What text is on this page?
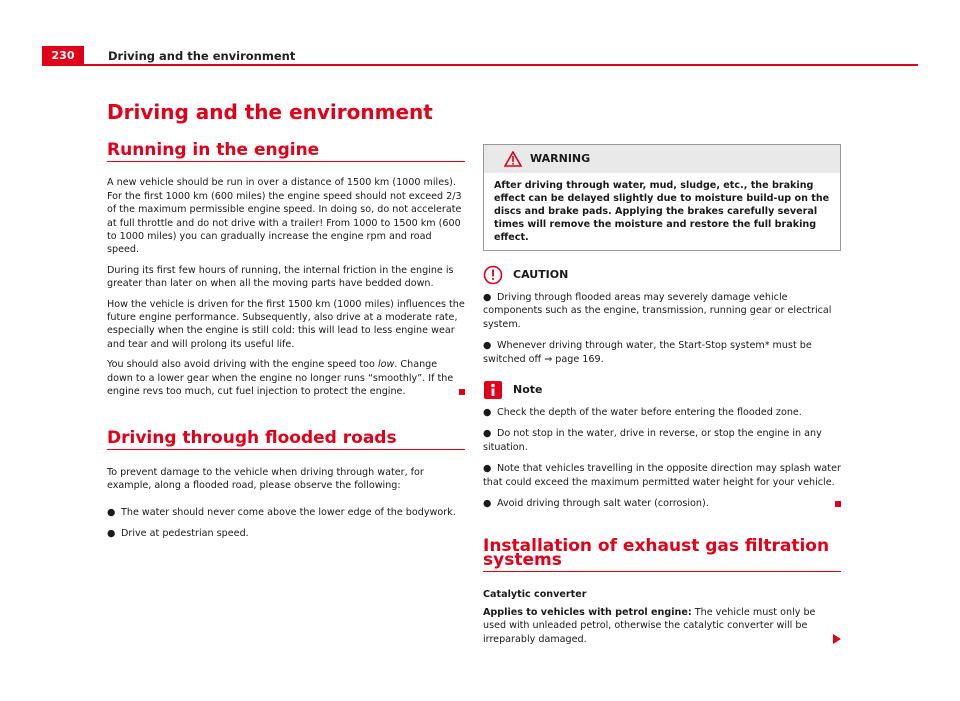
230	Driving and the environment
Driving and the environment
Running in the engine

A new vehicle should be run in over a distance of 1500 km (1000 miles). For the first 1000 km (600 miles) the engine speed should not exceed 2/3 of the maximum permissible engine speed. In doing so, do not accelerate at full throttle and do not drive with a trailer! From 1000 to 1500 km (600 to 1000 miles) you can gradually increase the engine rpm and road speed.

During its first few hours of running, the internal friction in the engine is greater than later on when all the moving parts have bedded down.

How the vehicle is driven for the first 1500 km (1000 miles) influences the future engine performance. Subsequently, also drive at a moderate rate, especially when the engine is still cold: this will lead to less engine wear and tear and will prolong its useful life.

You should also avoid driving with the engine speed too low. Change down to a lower gear when the engine no longer runs “smoothly”. If the engine revs too much, cut fuel injection to protect the engine.

Driving through flooded roads

To prevent damage to the vehicle when driving through water, for example, along a flooded road, please observe the following:

● The water should never come above the lower edge of the bodywork.
● Drive at pedestrian speed.
WARNING
After driving through water, mud, sludge, etc., the braking effect can be delayed slightly due to moisture build-up on the discs and brake pads. Applying the brakes carefully several times will remove the moisture and restore the full braking effect.
CAUTION
● Driving through flooded areas may severely damage vehicle components such as the engine, transmission, running gear or electrical system.
● Whenever driving through water, the Start-Stop system* must be switched off ⇒ page 169.
Note
● Check the depth of the water before entering the flooded zone.
● Do not stop in the water, drive in reverse, or stop the engine in any situation.
● Note that vehicles travelling in the opposite direction may splash water that could exceed the maximum permitted water height for your vehicle.
● Avoid driving through salt water (corrosion).
Installation of exhaust gas filtration systems
Catalytic converter

Applies to vehicles with petrol engine: The vehicle must only be used with unleaded petrol, otherwise the catalytic converter will be irreparably damaged.
